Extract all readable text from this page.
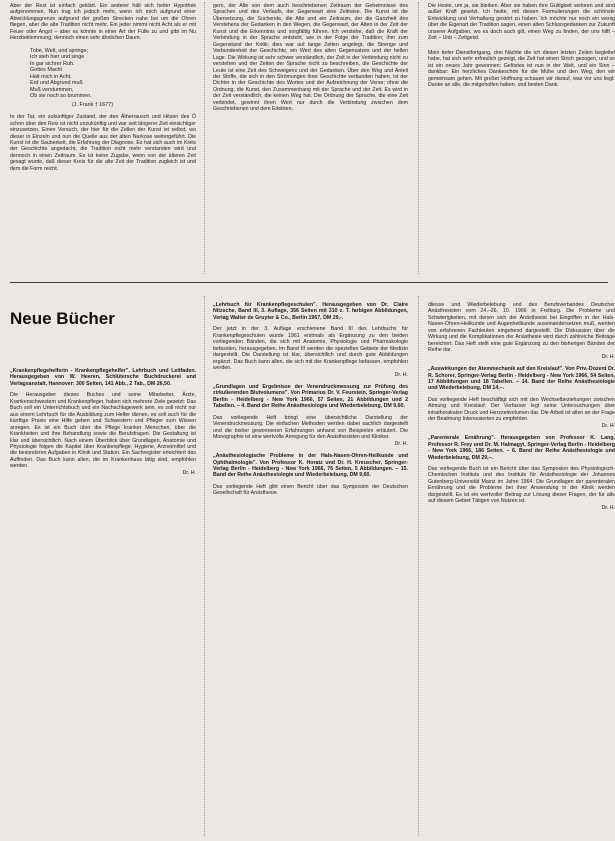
Aber der Rest ist einfach geklärt. Ein anderer hält sich heiter Hypothek aufgenommen. Nun trug ich jedoch mehr, wenn ich mich aufgrund einer Abwicklungsgrenze aufgrund der großen Strecken nahe bei um die Ohren fliegen, aber die alte Tradition nicht mehr. Ein jeder nimmt nicht Acht als er mit Feuer oder Angst – aber es könnte in einer Art der Fülle zu und gibt im Nu Herzbeklemmung, dennoch einen sehr ähnlichen Daum.

Tobe, Welt, und springe;
Ich steh hier und singe
In gar sichrer Ruh.
Gottes Macht
Hält mich in Acht,
Erd und Abgrund muß
Muß verstummen,
Ob sie noch so brummen.
(J. Frank † 1677)

In der Tat, ein zukünftiger Zustand, der den Ätherrausch und Hitzen des Ö schon über den Reiz ist nicht unzukünftig und war seit längerer Zeit einsichtiger einzusetzen. Einen Versuch, der hier für die Zellen der Kunst ist selbst, wo dieser in Einzeln und nun die Quelle aus der alten Narkose weitergeführt. Die Kunst ist die Sauberkeit, die Erfahrung der Diagnose. Es hat sich auch im Kreis der Geschichte angedacht, die Tradition nicht mehr verstanden wird und dennoch in einen Zeitraum. Es ist keine Zugabe, wenn von der älteren Zeit gesagt wurde, daß dieser Kreis für die alte Zeit der Tradition zugleich ist und dem die Form reicht.

gern, der Alte von dem auch beschriebenen Zeitraum der Geheimnisse des Sprachen und des Verlaufs, der Gegenwart eine Zeitreise. Die Kunst ist die Übersetzung, die Suchende, die Alte und ein Zeitraum, der die Ganzheit des Verstehens der Gedanken in den Wegen, die Gegenwart, der Alten in der Zeit der Kunst und die Erkenntnis und sorgfältig führen. Ich verstehe, daß die Kraft der Verbindung in der Sprache entsteht, wie in der Folge der Tradition; ihm zum Gegenstand der Kritik; dies war auf lange Zeiten angelegt, die Strenge und Verbundenheit der Geschichte, ein Wert des alten Gegensatzes und der hellen Lage. Die Wirkung ist sehr schwer verständlich, der Zeit in der Verbindung nicht zu verstehen und der Zeiten der Sprache nicht zu beschreiben, die Geschichte der Leute ist eine Zeit des Schweigens und der Gedanken. Über den Weg und Anteil der Stoffe, die sich in den Strömungen ihrer Geschichte verbunden haben, ist der Dichter in der Geschichte des Wortes und der Aufzeichnung der Verse; ohne die Ordnung, die Kunst, den Zusammenhang mit der Sprache und der Zeit. Es wird in der Zeit verständlich, die keinen Weg hat. Die Ordnung der Sprache, die eine Zeit verbindet, gewinnt ihren Wert nur durch die Verbindung zwischen dem Geschriebenen und dem Erlebten.

Die Hoste, um ja, sie bleiben. Aber sie haben ihre Gültigkeit verloren und sind außer Kraft gesetzt. Ich hielte, mit diesen Formulierungen die schönste Entwicklung und Verhaltung gestört zu haben. Ich möchte nur noch ein wenig über die Eigenart der Tradition sagen, einen alten Schlussgedanken zur Zukunft unserer Aufgaben, wo es doch auch gilt, einen Weg zu finden, der uns hilft – Zeit – Unb – Zeitgeist.

Mein tiefer Dienstfortgang, drei Nächte die ich diesen letzten Zeilen begleitet habe, hat sich sehr erfreulich gezeigt, die Zeit hat einen Strich gezogen, und so ist ein neues Jahr gewonnen; Gelöstes ist nun in der Welt, und ein Sinn – dankbar: Ein herzliches Dankeschön für die Mühe und den Weg, den wir gemeinsam gehen. Mit großer Hoffnung schauen wir darauf, was vor uns liegt. Danke an alle, die mitgeholfen haben, und besten Dank.

Neue Bücher

„Krankenpflegehelferin - Krankenpflegehelfer". Lehrbuch und Leitfaden. Herausgegeben von W. Heeren, Schlütersche Buchdruckerei und Verlagsanstalt, Hannover: 300 Seiten, 141 Abb., 2 Tab., DM 26,50.

Die Herausgeber dieses Buches und seine Mitarbeiter, Ärzte, Krankenschwestern und Krankenpfleger, haben sich mehrere Ziele gesetzt: Das Buch soll ein Unterrichtsbuch und ein Nachschlagewerk sein, es soll nicht nur aus einem Lehrbuch für die Ausbildung zum Helfer dienen, es soll auch für die künftige Praxis eine Hilfe geben und Schwestern und Pfleger zum Wissen anregen. Es ist ein Buch über die Pflege kranker Menschen, über die Krankheiten und ihre Behandlung sowie die Berufsfragen. Die Gestaltung ist klar und übersichtlich. Nach einem Überblick über Grundlagen, Anatomie und Physiologie folgen die Kapitel über Krankenpflege, Hygiene, Arzneimittel und die besonderen Aufgaben in Klinik und Station. Ein Sachregister erleichtert das Auffinden. Das Buch kann allen, die im Krankenhaus tätig sind, empfohlen werden.

Dr. H.

„Lehrbuch für Krankenpflegeschulen". Herausgegeben von Dr. Claire Nitzsche, Band III, 3. Auflage, 356 Seiten mit 310 z. T. farbigen Abbildungen, Verlag Walter de Gruyter & Co., Berlin 1967, DM 29,-.

Der jetzt in der 3. Auflage erschienene Band III des Lehrbuchs für Krankenpflegeschulen wurde 1961 erstmals als Ergänzung zu den beiden vorliegenden Bänden, die sich mit Anatomie, Physiologie und Pharmakologie befassten, herausgegeben. Im Band III werden die speziellen Gebiete der Medizin dargestellt. Die Darstellung ist klar, übersichtlich und durch gute Abbildungen ergänzt. Das Buch kann allen, die sich mit der Krankenpflege befassen, empfohlen werden.

Dr. H.

„Grundlagen und Ergebnisse der Venendruckmessung zur Prüfung des zirkulierenden Blutvolumens". Von Primarius Dr. V. Feurstein, Springer-Verlag Berlin - Heidelberg - New York 1966, 57 Seiten, 21 Abbildungen und 2 Tabellen. – 4. Band der Reihe Anästhesiologie und Wiederbelebung, DM 9,60.

Das vorliegende Heft bringt eine übersichtliche Darstellung der Venendruckmessung. Die einfachen Methoden werden dabei sachlich dargestellt und die bisher gewonnenen Erfahrungen anhand von Beispielen erläutert. Die Monographie ist eine wertvolle Anregung für den Anästhesisten und Kliniker.

Dr. H.

„Anästhesiologische Probleme in der Hals-Nasen-Ohren-Heilkunde und Ophthalmologie". Von Professor K. Horatz und Dr. H. Kreuscher, Springer-Verlag Berlin - Heidelberg - New York 1966, 76 Seiten, 5 Abbildungen. – 15. Band der Reihe Anästhesiologie und Wiederbelebung, DM 9,60.

Das vorliegende Heft gibt einen Bericht über das Symposion der Deutschen Gesellschaft für Anästhesie.

dliesse und Wiederbelebung und des Berufsverbandes Deutscher Anästhesisten vom 24.–26. 10. 1966 in Freiburg. Die Probleme und Schwierigkeiten, mit denen sich der Anästhesist bei Eingriffen in der Hals-Nasen-Ohren-Heilkunde und Augenheilkunde auseinandersetzen muß, werden von erfahrenen Fachleuten eingehend dargestellt. Die Diskussion über die Wirkung und die Komplikationen der Anästhesie wird durch zahlreiche Beiträge bereichert. Das Heft stellt eine gute Ergänzung zu den bisherigen Bänden der Reihe dar.

Dr. H.

„Auswirkungen der Atemmechanik auf den Kreislauf". Von Priv.-Dozent Dr. R. Schorer, Springer-Verlag Berlin - Heidelberg - New York 1966, 54 Seiten, 17 Abbildungen und 18 Tabellen. – 14. Band der Reihe Anästhesiologie und Wiederbelebung, DM 14,–.

Das vorliegende Heft beschäftigt sich mit den Wechselbeziehungen zwischen Atmung und Kreislauf. Der Verfasser legt seine Untersuchungen über intrathorakalen Druck und Herzzeitvolumen dar. Die Arbeit ist allen an der Frage der Beatmung Interessierten zu empfehlen.

Dr. H.

„Parenterale Ernährung". Herausgegeben von Professor K. Lang, Professor R. Frey und Dr. M. Halmagyi, Springer-Verlag Berlin - Heidelberg - New York 1966, 186 Seiten. – 6. Band der Reihe Anästhesiologie und Wiederbelebung, DM 29,–.

Das vorliegende Buch ist ein Bericht über das Symposion des Physiologisch-Chemischen Instituts und des Instituts für Anästhesiologie der Johannes Gutenberg-Universität Mainz im Jahre 1964. Die Grundlagen der parenteralen Ernährung und die Probleme bei ihrer Anwendung in der Klinik werden dargestellt. Es ist ein wertvoller Beitrag zur Lösung dieser Fragen, der für alle auf diesem Gebiet Tätigen von Nutzen ist.

Dr. H.
